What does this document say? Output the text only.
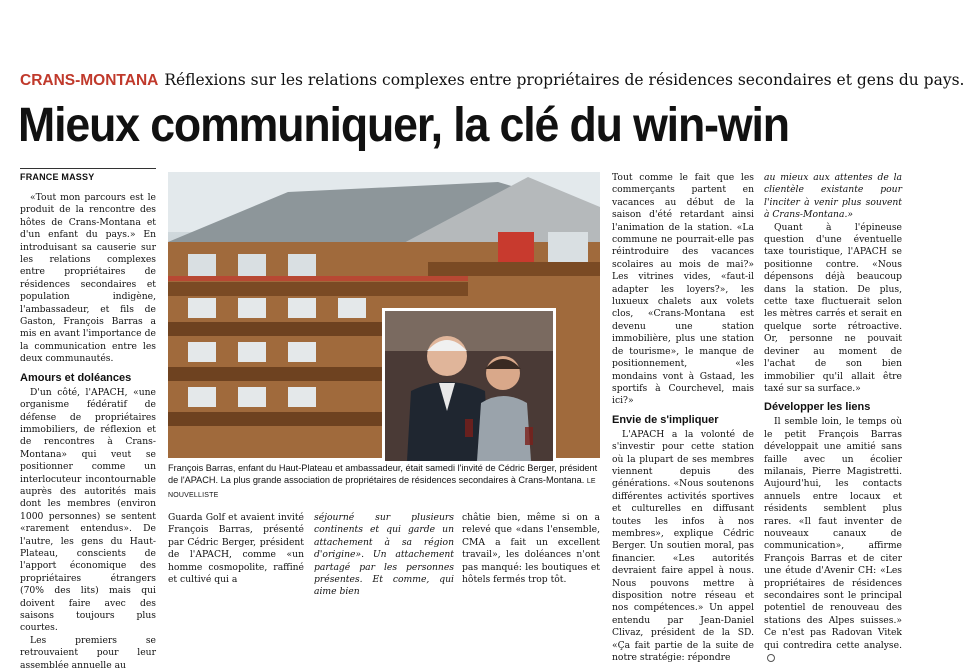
CRANS-MONTANA Réflexions sur les relations complexes entre propriétaires de résidences secondaires et gens du pays.
Mieux communiquer, la clé du win-win
FRANCE MASSY

«Tout mon parcours est le produit de la rencontre des hôtes de Crans-Montana et d'un enfant du pays.» En introduisant sa causerie sur les relations complexes entre propriétaires de résidences secondaires et population indigène, l'ambassadeur, et fils de Gaston, François Barras a mis en avant l'importance de la communication entre les deux communautés.

Amours et doléances

D'un côté, l'APACH, «une organisme fédératif de défense de propriétaires immobiliers, de réflexion et de rencontres à Crans-Montana» qui veut se positionner comme un interlocuteur incontournable auprès des autorités mais dont les membres (environ 1000 personnes) se sentent «rarement entendus». De l'autre, les gens du Haut-Plateau, conscients de l'apport économique des propriétaires étrangers (70% des lits) mais qui doivent faire avec des saisons toujours plus courtes.

Les premiers se retrouvaient pour leur assemblée annuelle au

François Barras, enfant du Haut-Plateau et ambassadeur, était samedi l'invité de Cédric Berger, président de l'APACH. La plus grande association de propriétaires de résidences secondaires à Crans-Montana. LE NOUVELLISTE

Guarda Golf et avaient invité François Barras, présenté par Cédric Berger, président de l'APACH, comme «un homme cosmopolite, raffiné et cultivé qui a

séjourné sur plusieurs continents et qui garde un attachement à sa région d'origine». Un attachement partagé par les personnes présentes. Et comme, qui aime bien

châtie bien, même si on a relevé que «dans l'ensemble, CMA a fait un excellent travail», les doléances n'ont pas manqué: les boutiques et hôtels fermés trop tôt.

Tout comme le fait que les commerçants partent en vacances au début de la saison d'été retardant ainsi l'animation de la station. «La commune ne pourrait-elle pas réintroduire des vacances scolaires au mois de mai?» Les vitrines vides, «faut-il adapter les loyers?», les luxueux chalets aux volets clos, «Crans-Montana est devenu une station immobilière, plus une station de tourisme», le manque de positionnement, «les mondains vont à Gstaad, les sportifs à Courchevel, mais ici?»

Envie de s'impliquer

L'APACH a la volonté de s'investir pour cette station où la plupart de ses membres viennent depuis des générations. «Nous soutenons différentes activités sportives et culturelles en diffusant toutes les infos à nos membres», explique Cédric Berger. Un soutien moral, pas financier. «Les autorités devraient faire appel à nous. Nous pouvons mettre à disposition notre réseau et nos compétences.» Un appel entendu par Jean-Daniel Clivaz, président de la SD. «Ça fait partie de la suite de notre stratégie: répondre

au mieux aux attentes de la clientèle existante pour l'inciter à venir plus souvent à Crans-Montana.»

Quant à l'épineuse question d'une éventuelle taxe touristique, l'APACH se positionne contre. «Nous dépensons déjà beaucoup dans la station. De plus, cette taxe fluctuerait selon les mètres carrés et serait en quelque sorte rétroactive. Or, personne ne pouvait deviner au moment de l'achat de son bien immobilier qu'il allait être taxé sur sa surface.»

Développer les liens

Il semble loin, le temps où le petit François Barras développait une amitié sans faille avec un écolier milanais, Pierre Magistretti. Aujourd'hui, les contacts annuels entre locaux et résidents semblent plus rares. «Il faut inventer de nouveaux canaux de communication», affirme François Barras et de citer une étude d'Avenir CH: «Les propriétaires de résidences secondaires sont le principal potentiel de renouveau des stations des Alpes suisses.» Ce n'est pas Radovan Vitek qui contredira cette analyse.
